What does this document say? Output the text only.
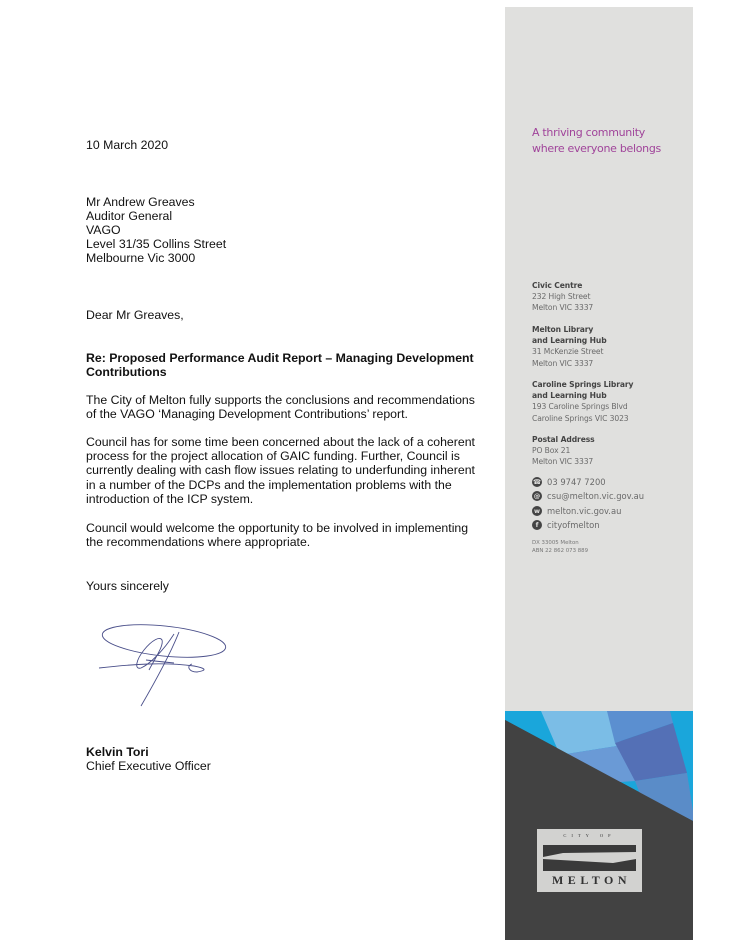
10 March 2020
Mr Andrew Greaves
Auditor General
VAGO
Level 31/35 Collins Street
Melbourne Vic 3000
Dear Mr Greaves,
Re: Proposed Performance Audit Report – Managing Development
Contributions
The City of Melton fully supports the conclusions and recommendations of the VAGO ‘Managing Development Contributions’ report.
Council has for some time been concerned about the lack of a coherent process for the project allocation of GAIC funding. Further, Council is currently dealing with cash flow issues relating to underfunding inherent in a number of the DCPs and the implementation problems with the introduction of the ICP system.
Council would welcome the opportunity to be involved in implementing the recommendations where appropriate.
Yours sincerely
Kelvin Tori
Chief Executive Officer
A thriving community
where everyone belongs
Civic Centre
232 High Street
Melton VIC 3337
Melton Library
and Learning Hub
31 McKenzie Street
Melton VIC 3337
Caroline Springs Library
and Learning Hub
193 Caroline Springs Blvd
Caroline Springs VIC 3023
Postal Address
PO Box 21
Melton VIC 3337
☎ 03 9747 7200
@ csu@melton.vic.gov.au
w melton.vic.gov.au
f	cityofmelton
DX 33005 Melton
ABN 22 862 073 889
CITY OF
MELTON
